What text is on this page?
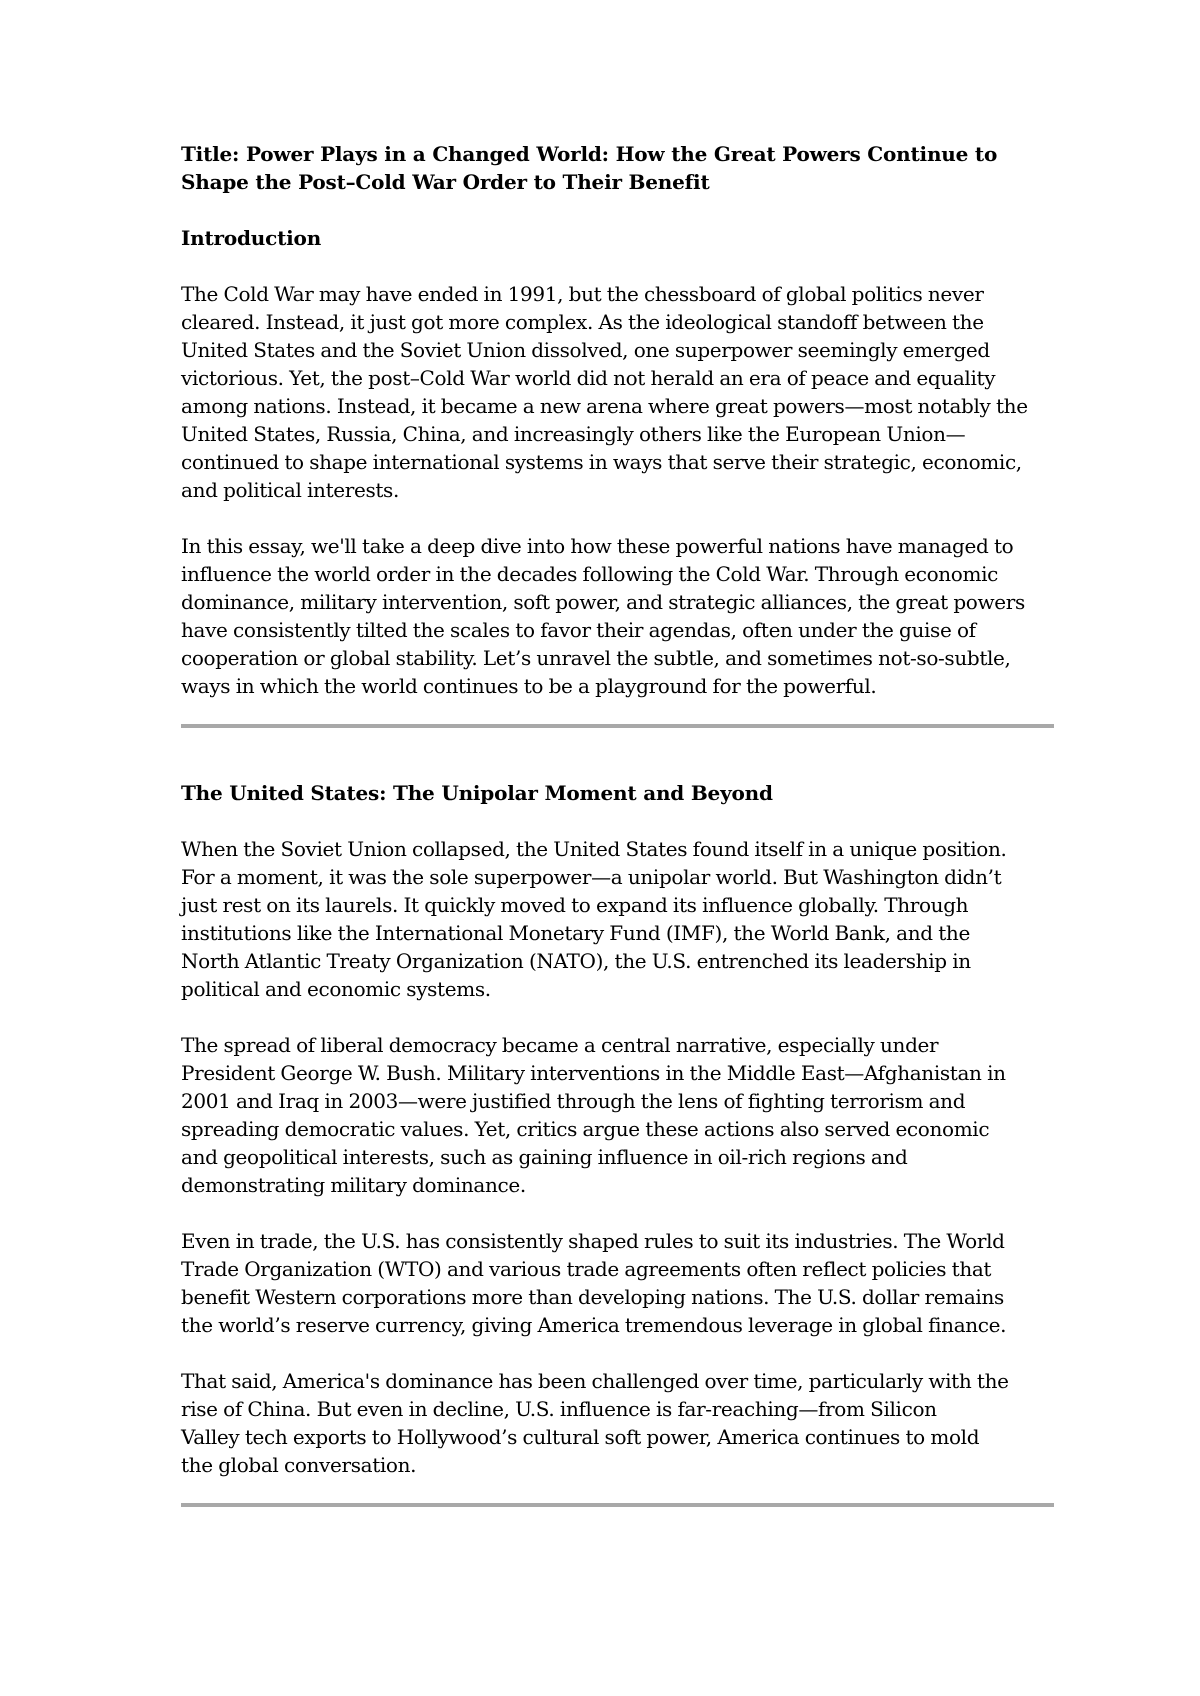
Title: Power Plays in a Changed World: How the Great Powers Continue to
Shape the Post–Cold War Order to Their Benefit
Introduction
The Cold War may have ended in 1991, but the chessboard of global politics never
cleared. Instead, it just got more complex. As the ideological standoff between the
United States and the Soviet Union dissolved, one superpower seemingly emerged
victorious. Yet, the post–Cold War world did not herald an era of peace and equality
among nations. Instead, it became a new arena where great powers—most notably the
United States, Russia, China, and increasingly others like the European Union—
continued to shape international systems in ways that serve their strategic, economic,
and political interests.
In this essay, we'll take a deep dive into how these powerful nations have managed to
influence the world order in the decades following the Cold War. Through economic
dominance, military intervention, soft power, and strategic alliances, the great powers
have consistently tilted the scales to favor their agendas, often under the guise of
cooperation or global stability. Let’s unravel the subtle, and sometimes not-so-subtle,
ways in which the world continues to be a playground for the powerful.
The United States: The Unipolar Moment and Beyond
When the Soviet Union collapsed, the United States found itself in a unique position.
For a moment, it was the sole superpower—a unipolar world. But Washington didn’t
just rest on its laurels. It quickly moved to expand its influence globally. Through
institutions like the International Monetary Fund (IMF), the World Bank, and the
North Atlantic Treaty Organization (NATO), the U.S. entrenched its leadership in
political and economic systems.
The spread of liberal democracy became a central narrative, especially under
President George W. Bush. Military interventions in the Middle East—Afghanistan in
2001 and Iraq in 2003—were justified through the lens of fighting terrorism and
spreading democratic values. Yet, critics argue these actions also served economic
and geopolitical interests, such as gaining influence in oil-rich regions and
demonstrating military dominance.
Even in trade, the U.S. has consistently shaped rules to suit its industries. The World
Trade Organization (WTO) and various trade agreements often reflect policies that
benefit Western corporations more than developing nations. The U.S. dollar remains
the world’s reserve currency, giving America tremendous leverage in global finance.
That said, America's dominance has been challenged over time, particularly with the
rise of China. But even in decline, U.S. influence is far-reaching—from Silicon
Valley tech exports to Hollywood’s cultural soft power, America continues to mold
the global conversation.
